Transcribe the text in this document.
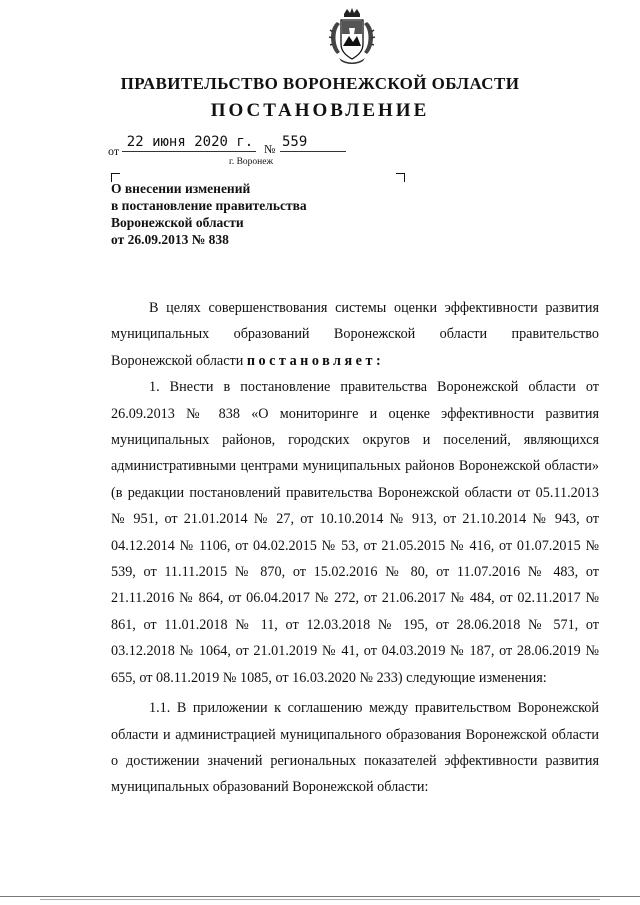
ПРАВИТЕЛЬСТВО ВОРОНЕЖСКОЙ ОБЛАСТИ
ПОСТАНОВЛЕНИЕ
от
22 июня 2020 г. № 559
г. Воронеж
О внесении изменений
в постановление правительства
Воронежской области
от 26.09.2013 № 838

В целях совершенствования системы оценки эффективности развития муниципальных образований Воронежской области правительство Воронежской области постановляет:

1. Внести в постановление правительства Воронежской области от 26.09.2013 № 838 «О мониторинге и оценке эффективности развития муниципальных районов, городских округов и поселений, являющихся административными центрами муниципальных районов Воронежской области» (в редакции постановлений правительства Воронежской области от 05.11.2013 № 951, от 21.01.2014 № 27, от 10.10.2014 № 913, от 21.10.2014 № 943, от 04.12.2014 № 1106, от 04.02.2015 № 53, от 21.05.2015 № 416, от 01.07.2015 № 539, от 11.11.2015 № 870, от 15.02.2016 № 80, от 11.07.2016 № 483, от 21.11.2016 № 864, от 06.04.2017 № 272, от 21.06.2017 № 484, от 02.11.2017 № 861, от 11.01.2018 № 11, от 12.03.2018 № 195, от 28.06.2018 № 571, от 03.12.2018 № 1064, от 21.01.2019 № 41, от 04.03.2019 № 187, от 28.06.2019 № 655, от 08.11.2019 № 1085, от 16.03.2020 № 233) следующие изменения:

1.1. В приложении к соглашению между правительством Воронежской области и администрацией муниципального образования Воронежской области о достижении значений региональных показателей эффективности развития муниципальных образований Воронежской области:
